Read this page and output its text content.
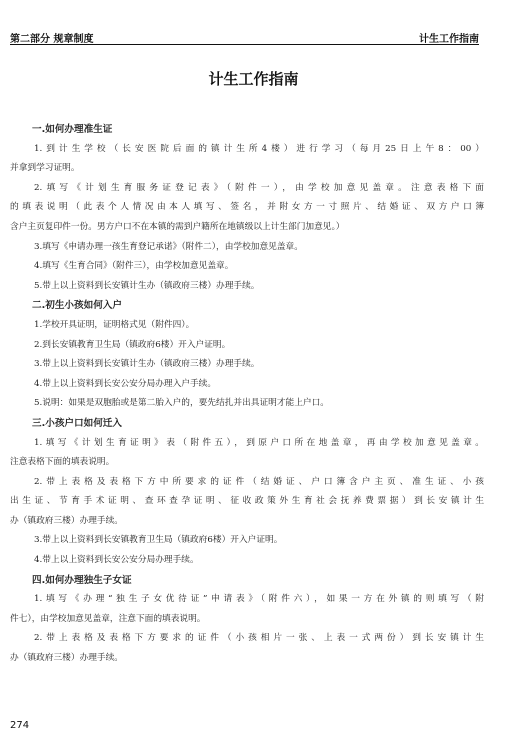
第二部分 规章制度	计生工作指南
计生工作指南
一.如何办理准生证
1.到计生学校（长安医院后面的镇计生所4楼）进行学习（每月25日上午8：00）
并拿到学习证明。
2.填写《计划生育服务证登记表》（附件一），由学校加意见盖章。注意表格下面
的填表说明（此表个人情况由本人填写、签名，并附女方一寸照片、结婚证、双方户口簿
含户主页复印件一份。男方户口不在本镇的需到户籍所在地镇级以上计生部门加意见。）
3.填写《申请办理一孩生育登记承诺》（附件二），由学校加意见盖章。
4.填写《生育合同》（附件三），由学校加意见盖章。
5.带上以上资料到长安镇计生办（镇政府三楼）办理手续。
二.初生小孩如何入户
1.学校开具证明，证明格式见（附件四）。
2.到长安镇教育卫生局（镇政府6楼）开入户证明。
3.带上以上资料到长安镇计生办（镇政府三楼）办理手续。
4.带上以上资料到长安公安分局办理入户手续。
5.说明：如果是双胞胎或是第二胎入户的，要先结扎并出具证明才能上户口。
三.小孩户口如何迁入
1.填写《计划生育证明》表（附件五），到原户口所在地盖章，再由学校加意见盖章。
注意表格下面的填表说明。
2.带上表格及表格下方中所要求的证件（结婚证、户口簿含户主页、准生证、小孩
出生证、节育手术证明、查环查孕证明、征收政策外生育社会抚养费票据）到长安镇计生
办（镇政府三楼）办理手续。
3.带上以上资料到长安镇教育卫生局（镇政府6楼）开入户证明。
4.带上以上资料到长安公安分局办理手续。
四.如何办理独生子女证
1.填写《办理“独生子女优待证”申请表》（附件六），如果一方在外镇的则填写（附
件七），由学校加意见盖章，注意下面的填表说明。
2.带上表格及表格下方要求的证件（小孩相片一张、上表一式两份）到长安镇计生
办（镇政府三楼）办理手续。
274
